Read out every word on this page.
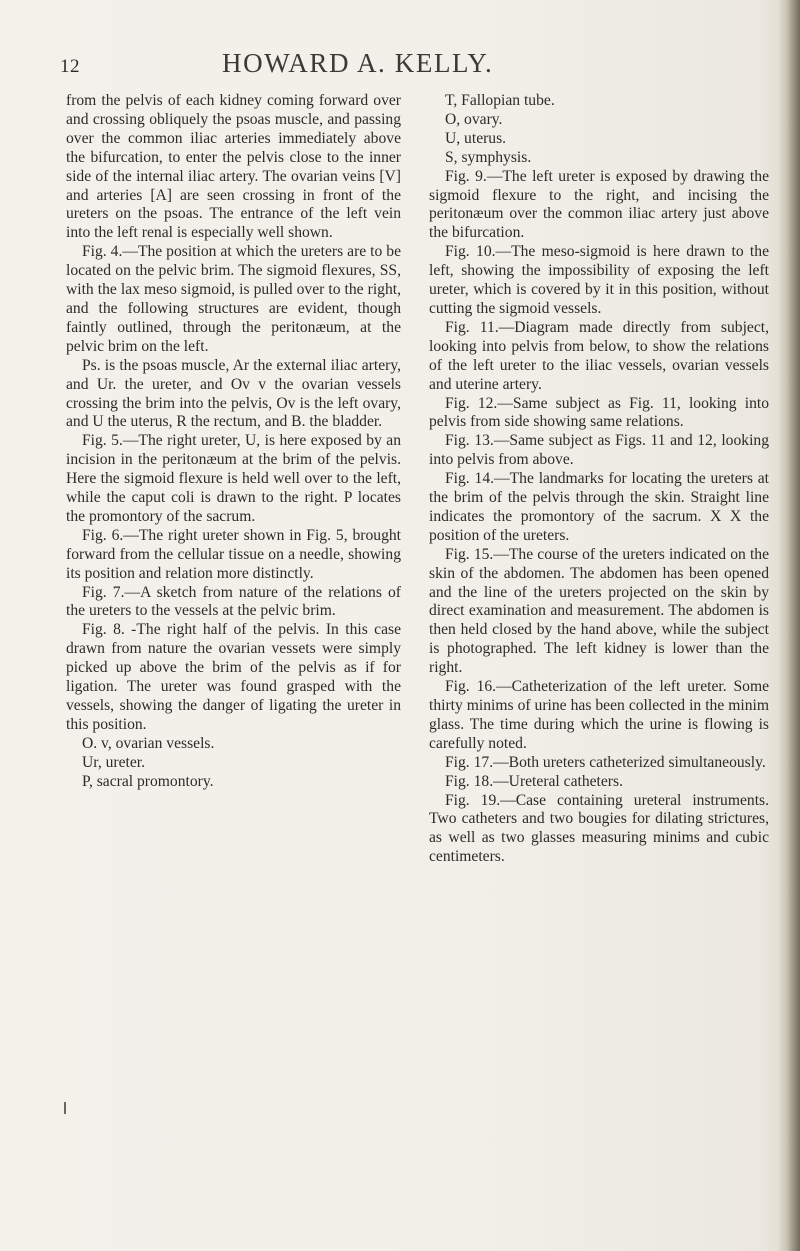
12	HOWARD A. KELLY.

from the pelvis of each kidney coming forward over and crossing obliquely the psoas muscle, and passing over the common iliac arteries immediately above the bifurcation, to enter the pelvis close to the inner side of the internal iliac artery. The ovarian veins [V] and arteries [A] are seen crossing in front of the ureters on the psoas. The entrance of the left vein into the left renal is especially well shown.

Fig. 4.—The position at which the ureters are to be located on the pelvic brim. The sigmoid flexures, SS, with the lax meso sigmoid, is pulled over to the right, and the following structures are evident, though faintly outlined, through the peritonæum, at the pelvic brim on the left.

Ps. is the psoas muscle, Ar the external iliac artery, and Ur. the ureter, and Ov v the ovarian vessels crossing the brim into the pelvis, Ov is the left ovary, and U the uterus, R the rectum, and B. the bladder.

Fig. 5.—The right ureter, U, is here exposed by an incision in the peritonæum at the brim of the pelvis. Here the sigmoid flexure is held well over to the left, while the caput coli is drawn to the right. P locates the promontory of the sacrum.

Fig. 6.—The right ureter shown in Fig. 5, brought forward from the cellular tissue on a needle, showing its position and relation more distinctly.

Fig. 7.—A sketch from nature of the relations of the ureters to the vessels at the pelvic brim.

Fig. 8. -The right half of the pelvis. In this case drawn from nature the ovarian vessets were simply picked up above the brim of the pelvis as if for ligation. The ureter was found grasped with the vessels, showing the danger of ligating the ureter in this position.

O. v, ovarian vessels.

Ur, ureter.

P, sacral promontory.

T, Fallopian tube.

O, ovary.

U, uterus.

S, symphysis.

Fig. 9.—The left ureter is exposed by drawing the sigmoid flexure to the right, and incising the peritonæum over the common iliac artery just above the bifurcation.

Fig. 10.—The meso-sigmoid is here drawn to the left, showing the impossibility of exposing the left ureter, which is covered by it in this position, without cutting the sigmoid vessels.

Fig. 11.—Diagram made directly from subject, looking into pelvis from below, to show the relations of the left ureter to the iliac vessels, ovarian vessels and uterine artery.

Fig. 12.—Same subject as Fig. 11, looking into pelvis from side showing same relations.

Fig. 13.—Same subject as Figs. 11 and 12, looking into pelvis from above.

Fig. 14.—The landmarks for locating the ureters at the brim of the pelvis through the skin. Straight line indicates the promontory of the sacrum. X X the position of the ureters.

Fig. 15.—The course of the ureters indicated on the skin of the abdomen. The abdomen has been opened and the line of the ureters projected on the skin by direct examination and measurement. The abdomen is then held closed by the hand above, while the subject is photographed. The left kidney is lower than the right.

Fig. 16.—Catheterization of the left ureter. Some thirty minims of urine has been collected in the minim glass. The time during which the urine is flowing is carefully noted.

Fig. 17.—Both ureters catheterized simultaneously.

Fig. 18.—Ureteral catheters.

Fig. 19.—Case containing ureteral instruments. Two catheters and two bougies for dilating strictures, as well as two glasses measuring minims and cubic centimeters.
